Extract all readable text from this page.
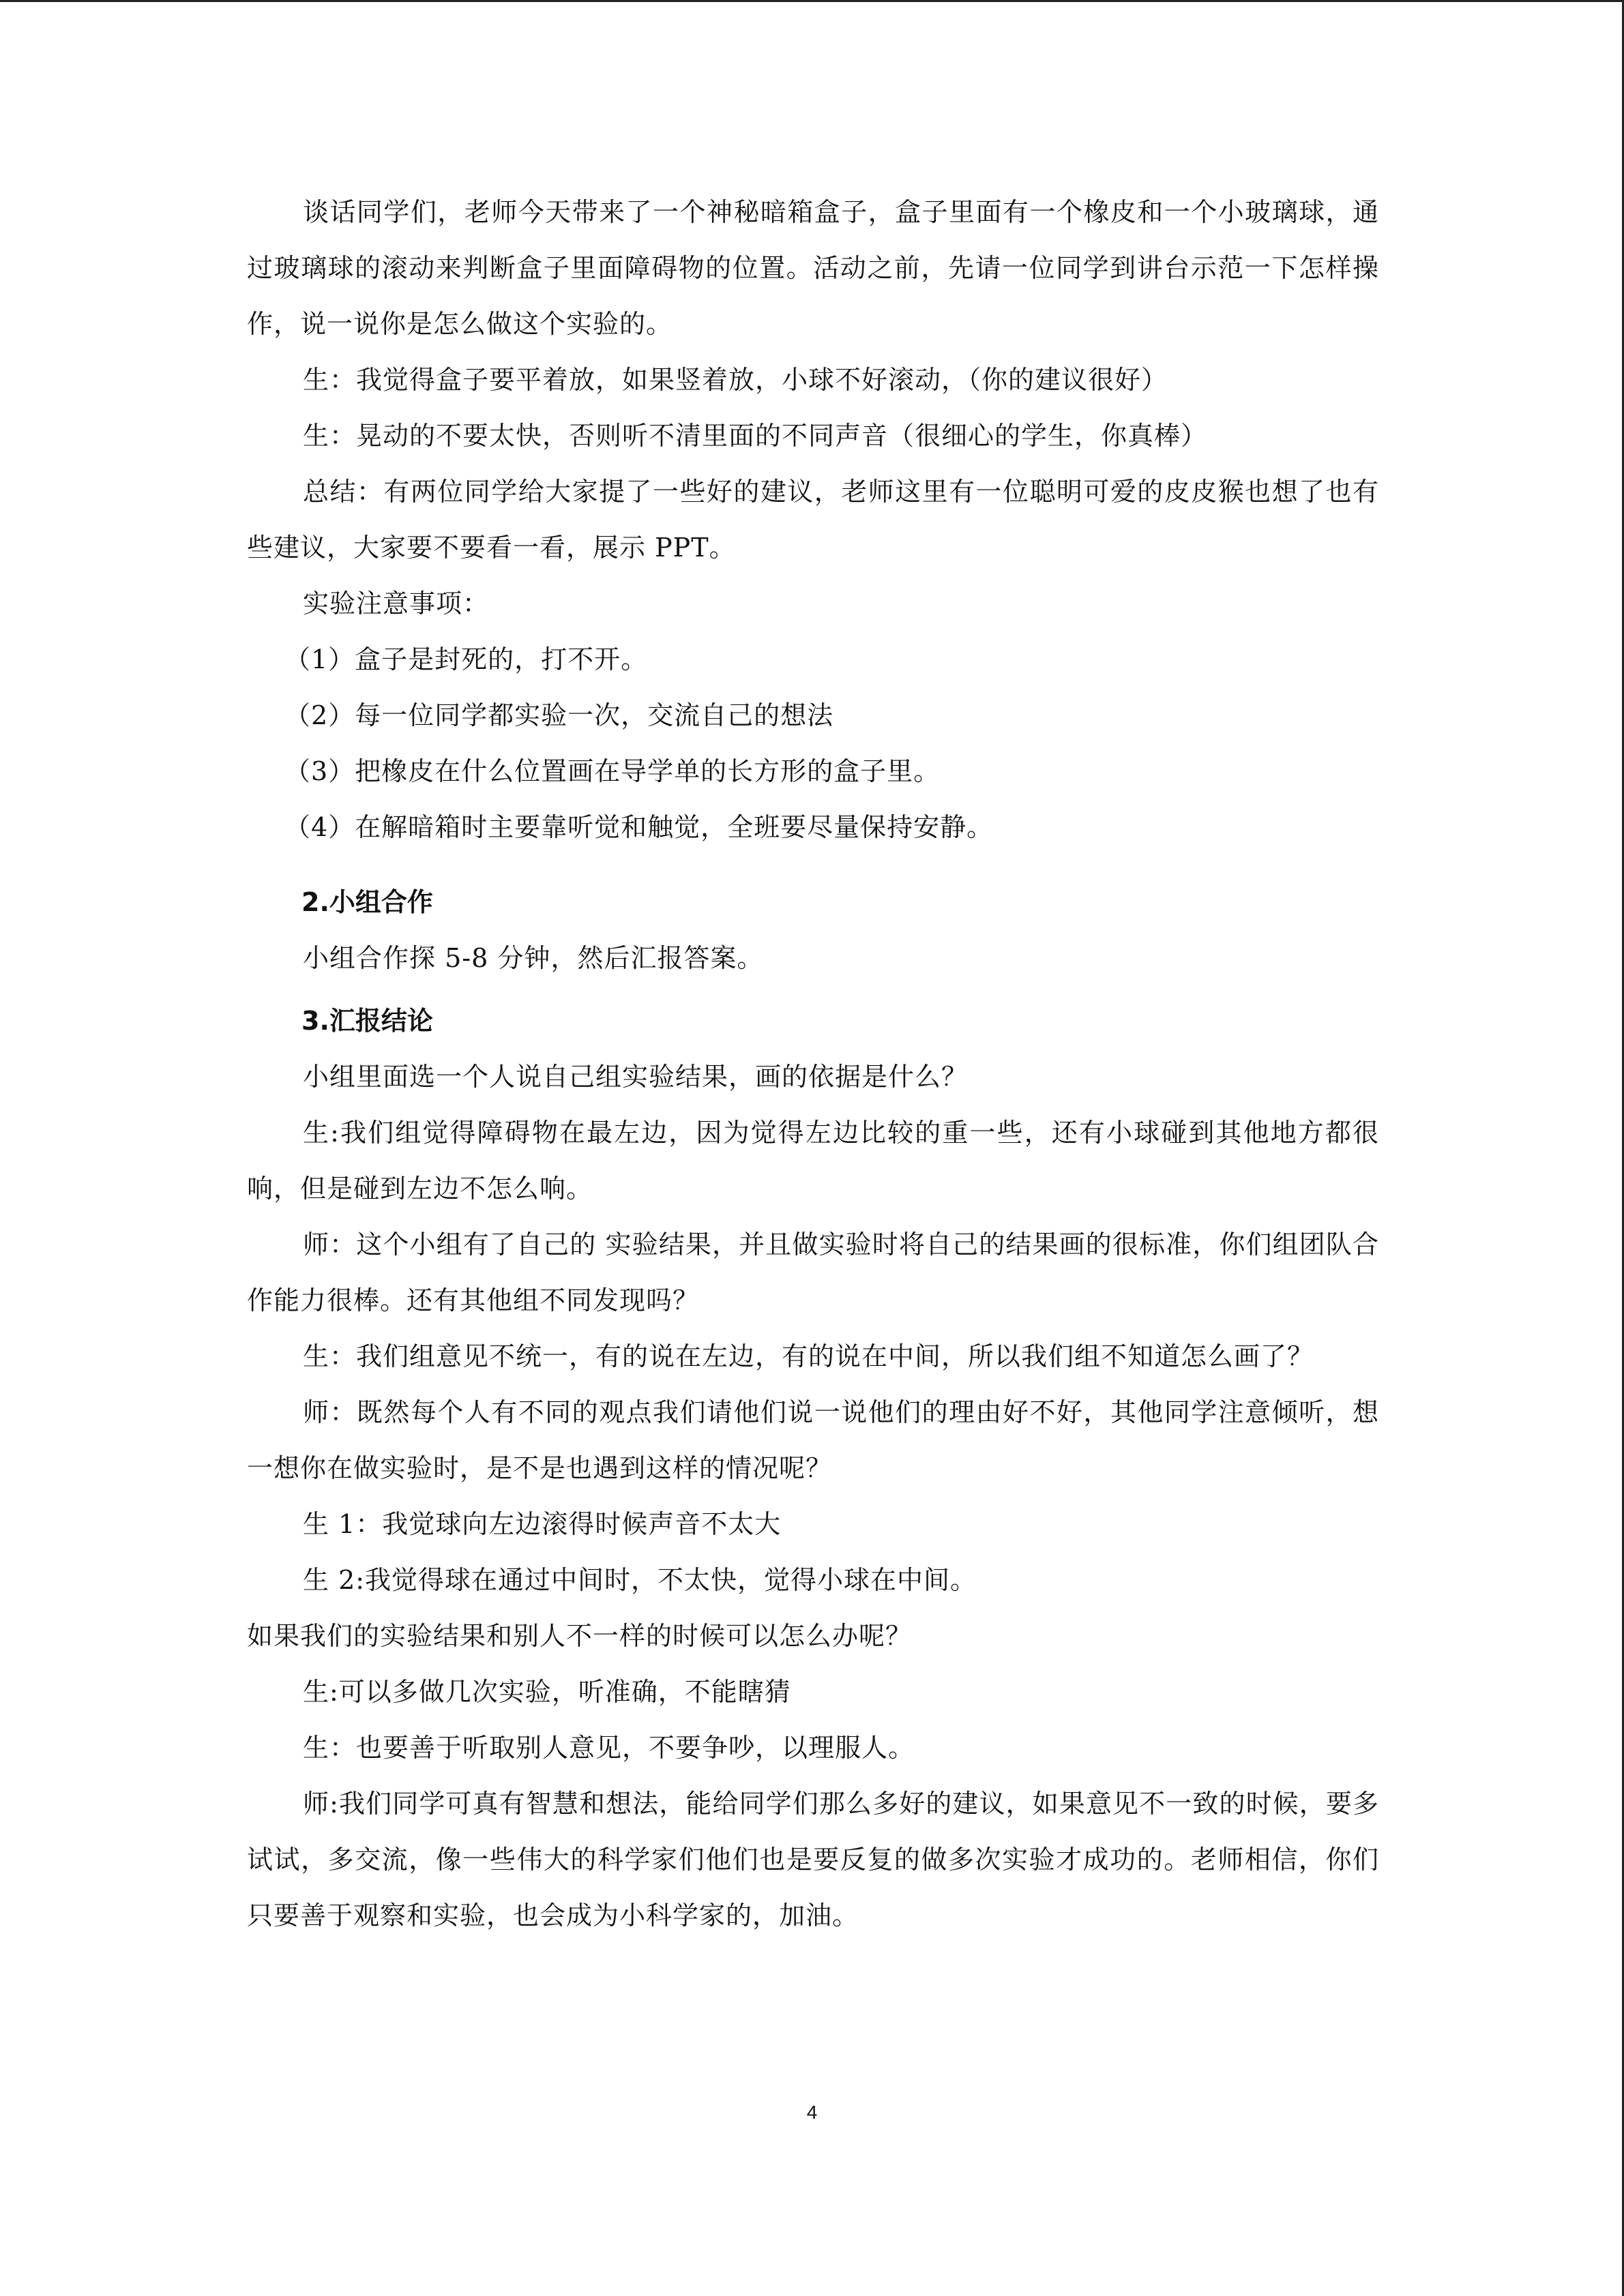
谈话同学们，老师今天带来了一个神秘暗箱盒子，盒子里面有一个橡皮和一个小玻璃球，通过玻璃球的滚动来判断盒子里面障碍物的位置。活动之前，先请一位同学到讲台示范一下怎样操作，说一说你是怎么做这个实验的。

生：我觉得盒子要平着放，如果竖着放，小球不好滚动，（你的建议很好）

生：晃动的不要太快，否则听不清里面的不同声音（很细心的学生，你真棒）

总结：有两位同学给大家提了一些好的建议，老师这里有一位聪明可爱的皮皮猴也想了也有些建议，大家要不要看一看，展示 PPT。

实验注意事项：

（1）盒子是封死的，打不开。

（2）每一位同学都实验一次，交流自己的想法

（3）把橡皮在什么位置画在导学单的长方形的盒子里。

（4）在解暗箱时主要靠听觉和触觉，全班要尽量保持安静。

2.小组合作

小组合作探 5-8 分钟，然后汇报答案。

3.汇报结论

小组里面选一个人说自己组实验结果，画的依据是什么？

生:我们组觉得障碍物在最左边，因为觉得左边比较的重一些，还有小球碰到其他地方都很响，但是碰到左边不怎么响。

师：这个小组有了自己的 实验结果，并且做实验时将自己的结果画的很标准，你们组团队合作能力很棒。还有其他组不同发现吗？

生：我们组意见不统一，有的说在左边，有的说在中间，所以我们组不知道怎么画了？

师：既然每个人有不同的观点我们请他们说一说他们的理由好不好，其他同学注意倾听，想一想你在做实验时，是不是也遇到这样的情况呢？

生 1：我觉球向左边滚得时候声音不太大

生 2:我觉得球在通过中间时，不太快，觉得小球在中间。

如果我们的实验结果和别人不一样的时候可以怎么办呢？

生:可以多做几次实验，听准确，不能瞎猜

生：也要善于听取别人意见，不要争吵，以理服人。

师:我们同学可真有智慧和想法，能给同学们那么多好的建议，如果意见不一致的时候，要多试试，多交流，像一些伟大的科学家们他们也是要反复的做多次实验才成功的。老师相信，你们只要善于观察和实验，也会成为小科学家的，加油。

4
